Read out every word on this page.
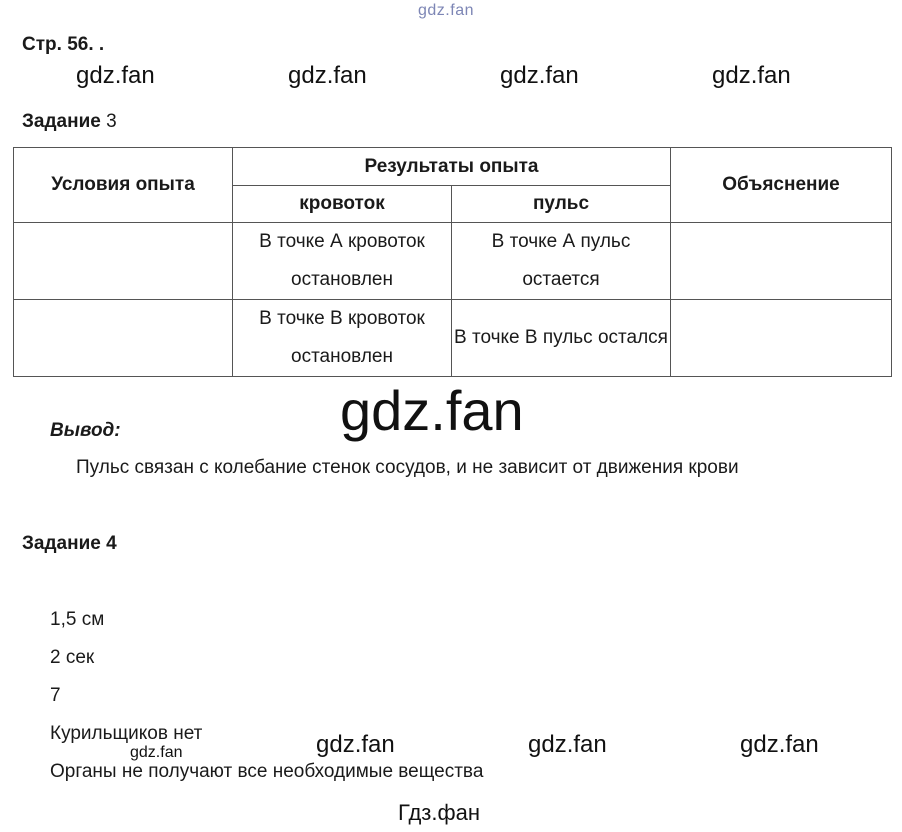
gdz.fan
Стр. 56. .
gdz.fan	gdz.fan	gdz.fan	gdz.fan
Задание 3
Условия опыта	Результаты опыта		Объяснение
	кровоток	пульс	
	В точке А кровоток остановлен	В точке А пульс остается	
	В точке В кровоток остановлен	В точке В пульс остался	
gdz.fan
Вывод:
Пульс связан с колебание стенок сосудов, и не зависит от движения крови
Задание 4
1,5 см
2 сек
7
Курильщиков нет
Органы не получают все необходимые вещества
gdz.fan	gdz.fan	gdz.fan	gdz.fan
Гдз.фан
